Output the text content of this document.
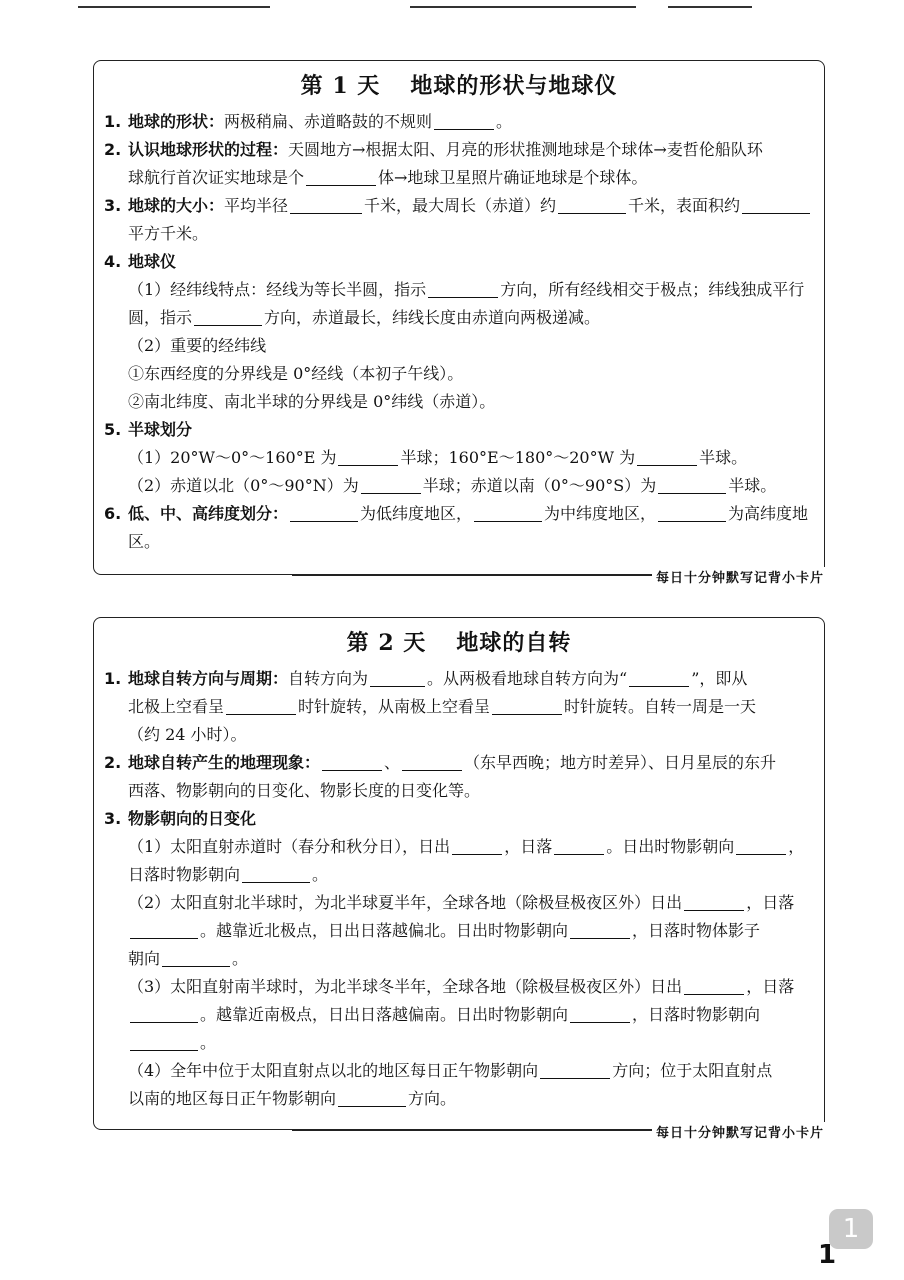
第 1 天 地球的形状与地球仪
1. 地球的形状：两极稍扁、赤道略鼓的不规则	。
2. 认识地球形状的过程：天圆地方→根据太阳、月亮的形状推测地球是个球体→麦哲伦船队环
球航行首次证实地球是个	体→地球卫星照片确证地球是个球体。
3. 地球的大小：平均半径	千米，最大周长（赤道）约	千米，表面积约
平方千米。
4. 地球仪
（1）经纬线特点：经线为等长半圆，指示	方向，所有经线相交于极点；纬线独成平行
圆，指示	方向，赤道最长，纬线长度由赤道向两极递减。
（2）重要的经纬线
①东西经度的分界线是 0°经线（本初子午线）。
②南北纬度、南北半球的分界线是 0°纬线（赤道）。
5. 半球划分
（1）20°W～0°～160°E 为	半球；160°E～180°～20°W 为	半球。
（2）赤道以北（0°～90°N）为	半球；赤道以南（0°～90°S）为	半球。
6. 低、中、高纬度划分：	为低纬度地区，	为中纬度地区，	为高纬度地
区。
每日十分钟默写记背小卡片
第 2 天 地球的自转
1. 地球自转方向与周期：自转方向为	。从两极看地球自转方向为“	”，即从
北极上空看呈	时针旋转，从南极上空看呈	时针旋转。自转一周是一天
（约 24 小时）。
2. 地球自转产生的地理现象：	、	（东早西晚；地方时差异）、日月星辰的东升
西落、物影朝向的日变化、物影长度的日变化等。
3. 物影朝向的日变化
（1）太阳直射赤道时（春分和秋分日），日出	，日落	。日出时物影朝向	，
日落时物影朝向	。
（2）太阳直射北半球时，为北半球夏半年，全球各地（除极昼极夜区外）日出	，日落
。越靠近北极点，日出日落越偏北。日出时物影朝向	，日落时物体影子
朝向	。
（3）太阳直射南半球时，为北半球冬半年，全球各地（除极昼极夜区外）日出	，日落
。越靠近南极点，日出日落越偏南。日出时物影朝向	，日落时物影朝向
。
（4）全年中位于太阳直射点以北的地区每日正午物影朝向	方向；位于太阳直射点
以南的地区每日正午物影朝向	方向。
每日十分钟默写记背小卡片
1
1
